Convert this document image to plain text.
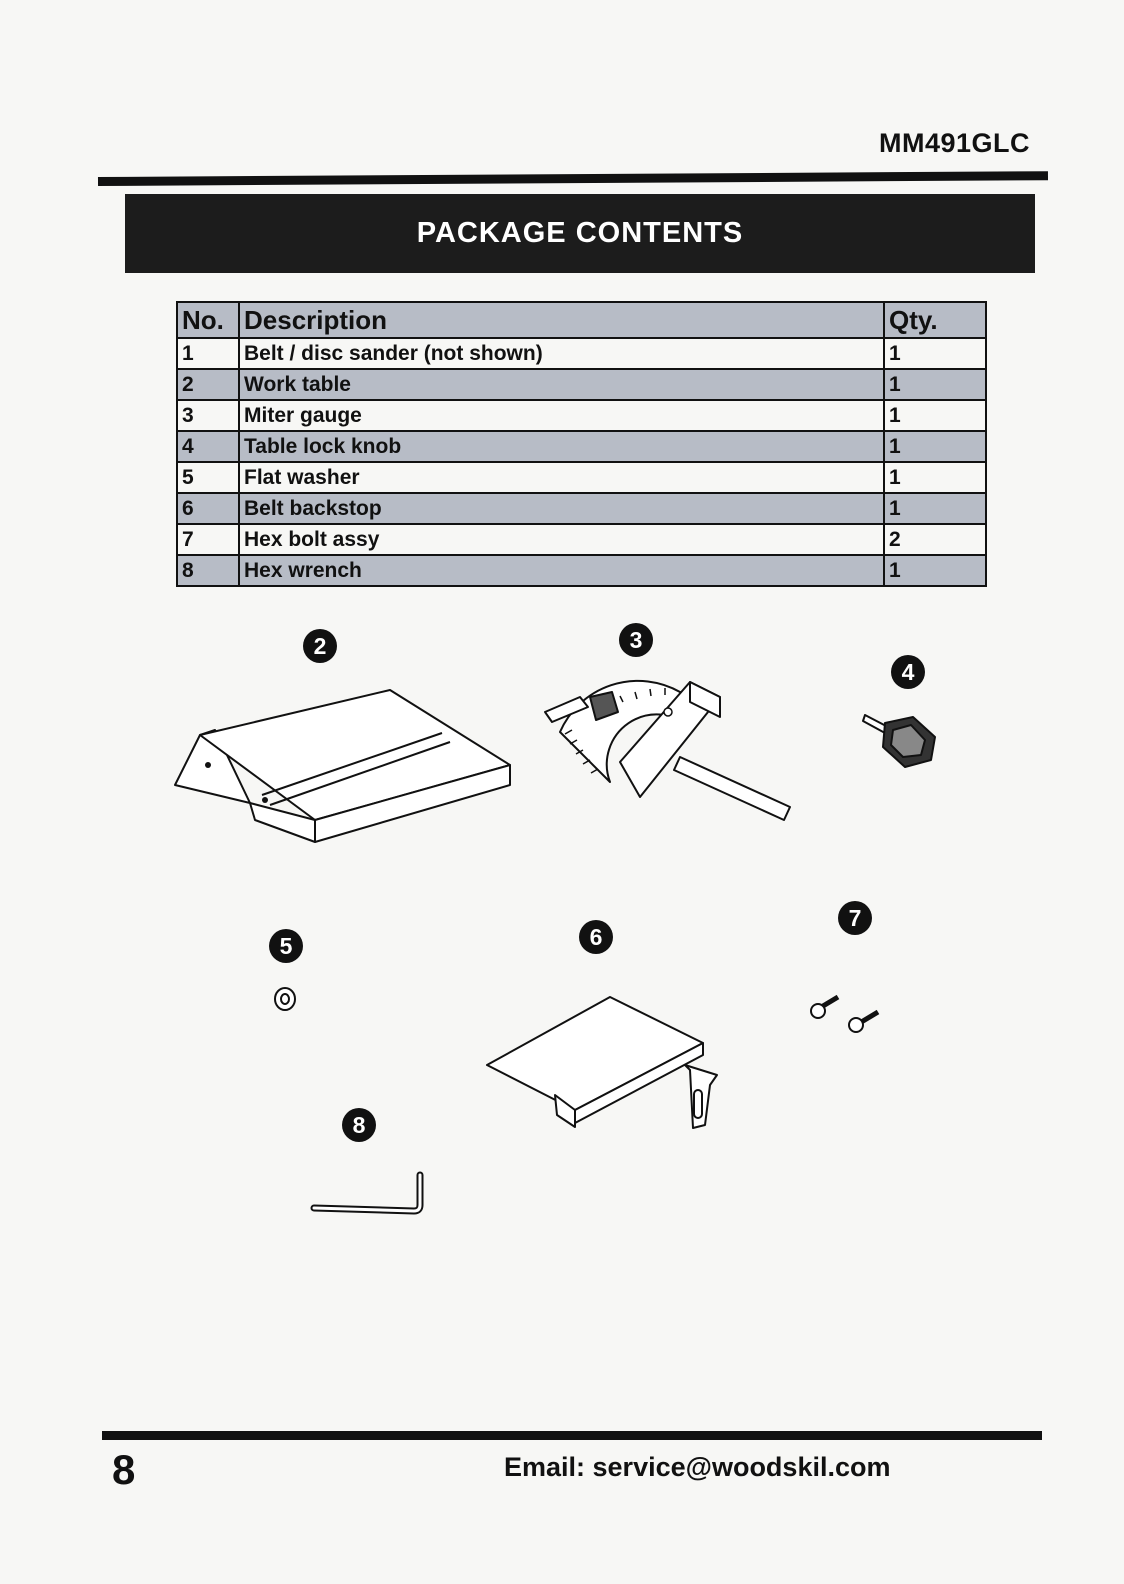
MM491GLC
PACKAGE CONTENTS
No.	Description	Qty.
1	Belt / disc sander (not shown)	1
2	Work table	1
3	Miter gauge	1
4	Table lock knob	1
5	Flat washer	1
6	Belt backstop	1
7	Hex bolt assy	2
8	Hex wrench	1
2	3
4
5	6
7
8
8	Email: service@woodskil.com
